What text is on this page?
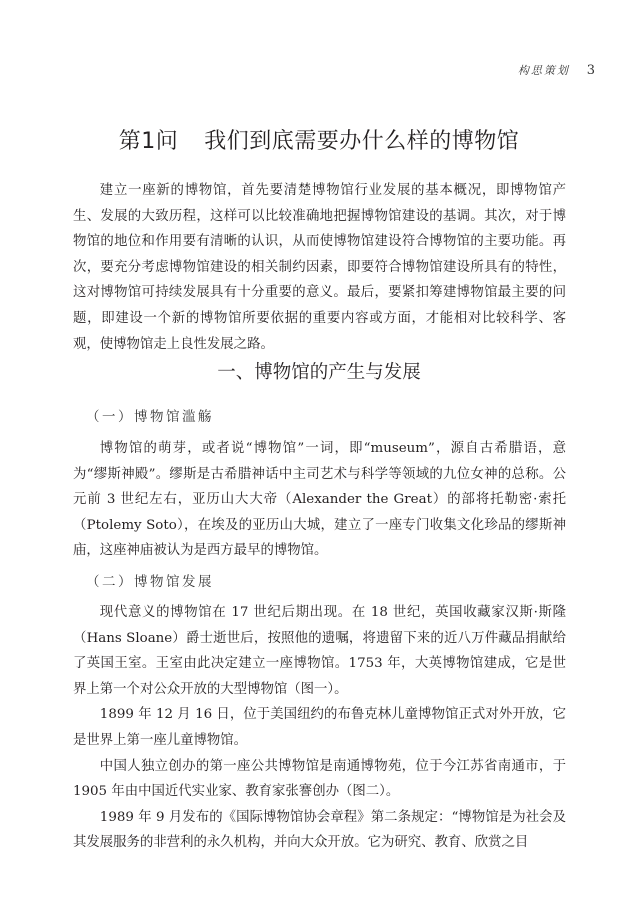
构思策划 3
第1问 我们到底需要办什么样的博物馆

建立一座新的博物馆，首先要清楚博物馆行业发展的基本概况，即博物馆产生、发展的大致历程，这样可以比较准确地把握博物馆建设的基调。其次，对于博物馆的地位和作用要有清晰的认识，从而使博物馆建设符合博物馆的主要功能。再次，要充分考虑博物馆建设的相关制约因素，即要符合博物馆建设所具有的特性，这对博物馆可持续发展具有十分重要的意义。最后，要紧扣筹建博物馆最主要的问题，即建设一个新的博物馆所要依据的重要内容或方面，才能相对比较科学、客观，使博物馆走上良性发展之路。

一、博物馆的产生与发展
（一）博物馆滥觞

博物馆的萌芽，或者说“博物馆”一词，即“museum”，源自古希腊语，意为“缪斯神殿”。缪斯是古希腊神话中主司艺术与科学等领域的九位女神的总称。公元前 3 世纪左右，亚历山大大帝（Alexander the Great）的部将托勒密·索托（Ptolemy Soto），在埃及的亚历山大城，建立了一座专门收集文化珍品的缪斯神庙，这座神庙被认为是西方最早的博物馆。

（二）博物馆发展

现代意义的博物馆在 17 世纪后期出现。在 18 世纪，英国收藏家汉斯·斯隆（Hans Sloane）爵士逝世后，按照他的遗嘱，将遗留下来的近八万件藏品捐献给了英国王室。王室由此决定建立一座博物馆。1753 年，大英博物馆建成，它是世界上第一个对公众开放的大型博物馆（图一）。

1899 年 12 月 16 日，位于美国纽约的布鲁克林儿童博物馆正式对外开放，它是世界上第一座儿童博物馆。

中国人独立创办的第一座公共博物馆是南通博物苑，位于今江苏省南通市，于 1905 年由中国近代实业家、教育家张謇创办（图二）。

1989 年 9 月发布的《国际博物馆协会章程》第二条规定：“博物馆是为社会及其发展服务的非营利的永久机构，并向大众开放。它为研究、教育、欣赏之目
